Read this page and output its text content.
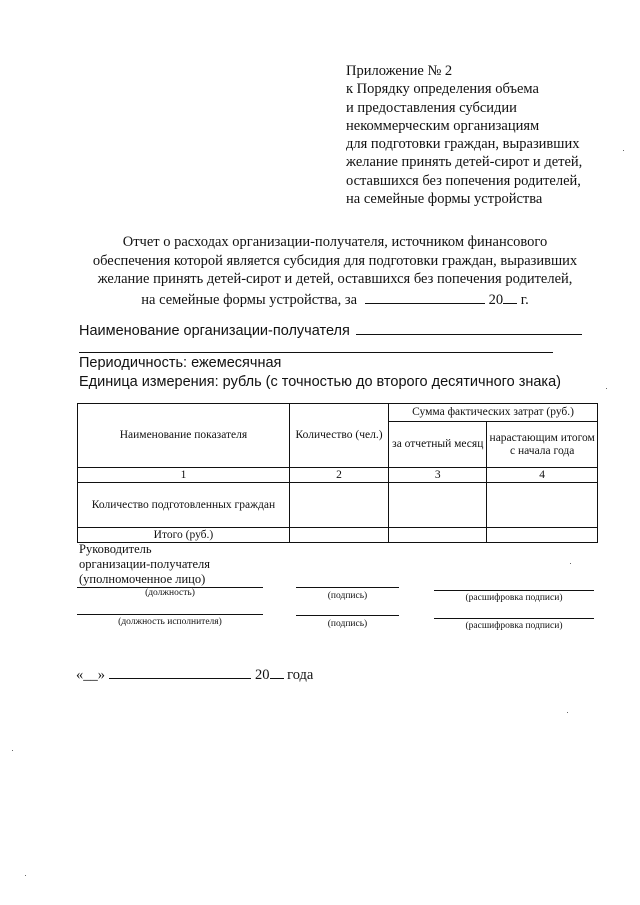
Приложение № 2
к Порядку определения объема
и предоставления субсидии
некоммерческим организациям
для подготовки граждан, выразивших
желание принять детей-сирот и детей,
оставшихся без попечения родителей,
на семейные формы устройства
Отчет о расходах организации-получателя, источником финансового
обеспечения которой является субсидия для подготовки граждан, выразивших
желание принять детей-сирот и детей, оставшихся без попечения родителей,
на семейные формы устройства, за	20 г.
Наименование организации-получателя
Периодичность: ежемесячная
Единица измерения: рубль (с точностью до второго десятичного знака)
Наименование показателя	Количество (чел.)	Сумма фактических затрат (руб.)	
		за отчетный месяц	нарастающим итогом с начала года
1	2	3	4
Количество подготовленных граждан			
Итого (руб.)			
Руководитель
организации-получателя
(уполномоченное лицо)
(должность)	(подпись)	(расшифровка подписи)
(должность исполнителя)	(подпись)	(расшифровка подписи)
«__»	20 года
